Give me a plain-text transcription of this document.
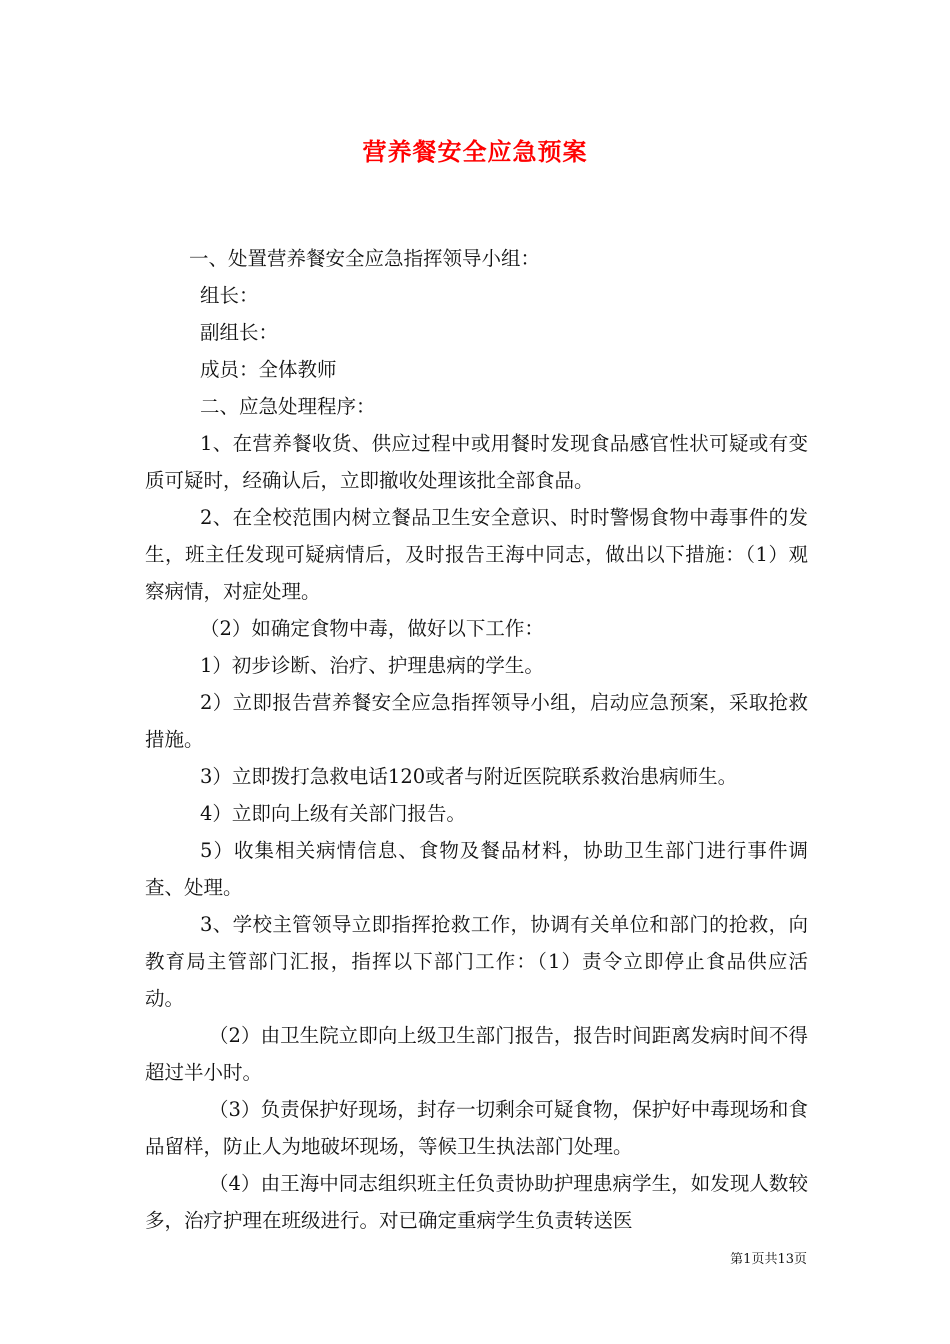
营养餐安全应急预案

一、处置营养餐安全应急指挥领导小组：

组长：

副组长：

成员：全体教师

二、应急处理程序：

1、在营养餐收货、供应过程中或用餐时发现食品感官性状可疑或有变质可疑时，经确认后，立即撤收处理该批全部食品。

2、在全校范围内树立餐品卫生安全意识、时时警惕食物中毒事件的发生，班主任发现可疑病情后，及时报告王海中同志，做出以下措施：（1）观察病情，对症处理。

（2）如确定食物中毒，做好以下工作：

1）初步诊断、治疗、护理患病的学生。

2）立即报告营养餐安全应急指挥领导小组，启动应急预案，采取抢救措施。

3）立即拨打急救电话120或者与附近医院联系救治患病师生。

4）立即向上级有关部门报告。

5）收集相关病情信息、食物及餐品材料，协助卫生部门进行事件调查、处理。

3、学校主管领导立即指挥抢救工作，协调有关单位和部门的抢救，向教育局主管部门汇报，指挥以下部门工作：（1）责令立即停止食品供应活动。

（2）由卫生院立即向上级卫生部门报告，报告时间距离发病时间不得超过半小时。

（3）负责保护好现场，封存一切剩余可疑食物，保护好中毒现场和食品留样，防止人为地破坏现场，等候卫生执法部门处理。

（4）由王海中同志组织班主任负责协助护理患病学生，如发现人数较多，治疗护理在班级进行。对已确定重病学生负责转送医

第1页共13页
